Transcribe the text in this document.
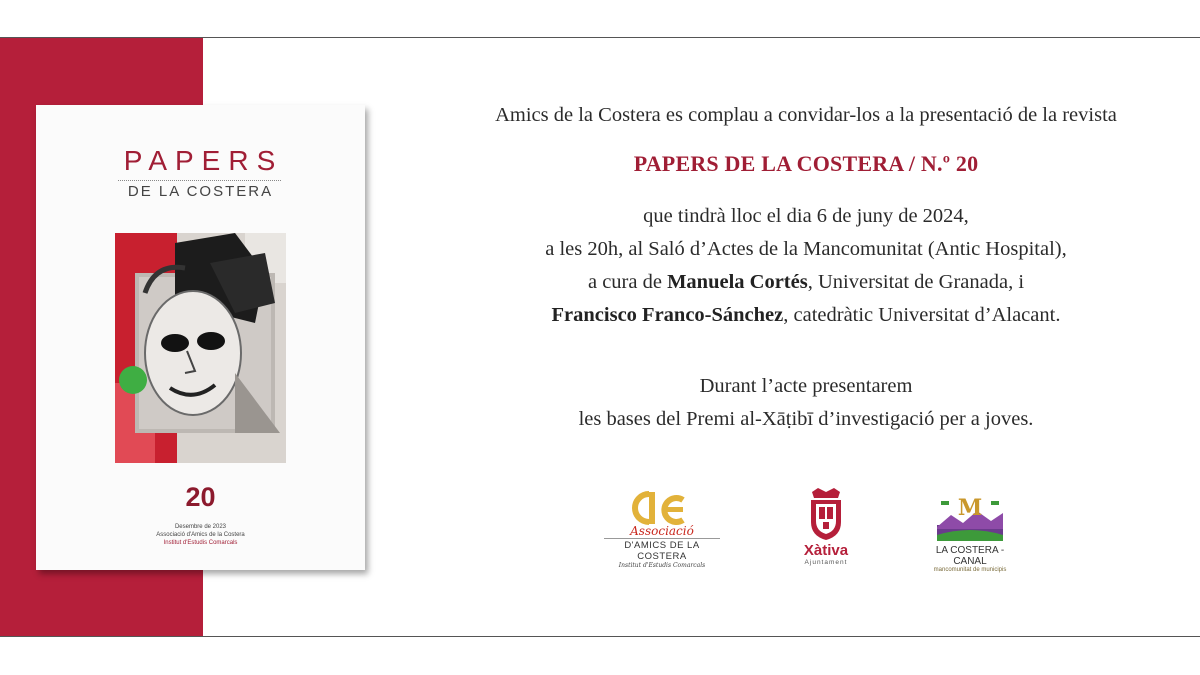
PAPERS
DE LA COSTERA
20
Desembre de 2023
Associació d'Amics de la Costera
Institut d'Estudis Comarcals
Amics de la Costera es complau a convidar-los a la presentació de la revista
PAPERS DE LA COSTERA / N.º 20
que tindrà lloc el dia 6 de juny de 2024,
a les 20h, al Saló d’Actes de la Mancomunitat (Antic Hospital),
a cura de Manuela Cortés, Universitat de Granada, i
Francisco Franco-Sánchez, catedràtic Universitat d’Alacant.
Durant l’acte presentarem
les bases del Premi al-Xāṭibī d’investigació per a joves.
Associació
D'AMICS DE LA COSTERA
Institut d'Estudis Comarcals
Xàtiva
Ajuntament
M
LA COSTERA - CANAL
mancomunitat de municipis
